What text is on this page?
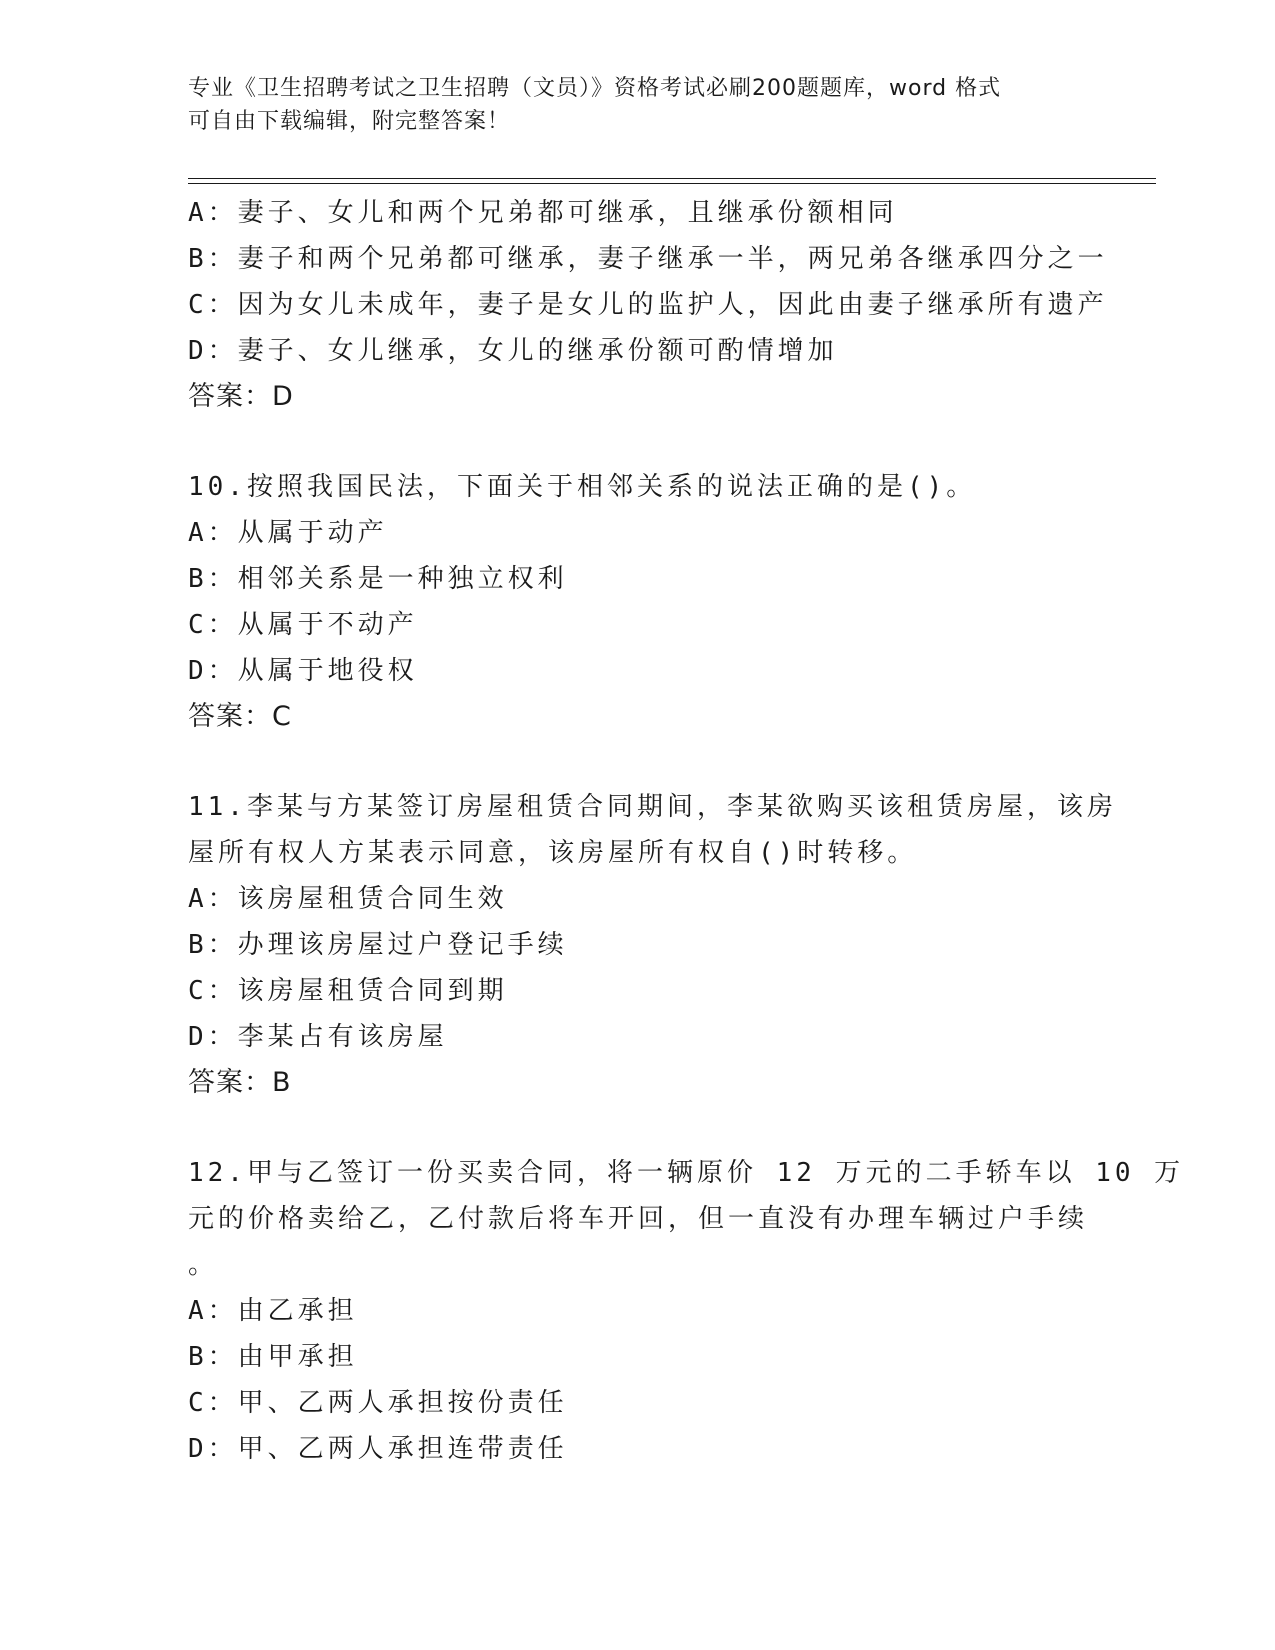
专业《卫生招聘考试之卫生招聘（文员）》资格考试必刷200题题库，word 格式

可自由下载编辑，附完整答案！

A：妻子、女儿和两个兄弟都可继承，且继承份额相同
B：妻子和两个兄弟都可继承，妻子继承一半，两兄弟各继承四分之一
C：因为女儿未成年，妻子是女儿的监护人，因此由妻子继承所有遗产
D：妻子、女儿继承，女儿的继承份额可酌情增加
答案：D
10.按照我国民法，下面关于相邻关系的说法正确的是()。
A：从属于动产
B：相邻关系是一种独立权利
C：从属于不动产
D：从属于地役权
答案：C
11.李某与方某签订房屋租赁合同期间，李某欲购买该租赁房屋，该房
屋所有权人方某表示同意，该房屋所有权自()时转移。
A：该房屋租赁合同生效
B：办理该房屋过户登记手续
C：该房屋租赁合同到期
D：李某占有该房屋
答案：B
12.甲与乙签订一份买卖合同，将一辆原价 12 万元的二手轿车以 10 万
元的价格卖给乙，乙付款后将车开回，但一直没有办理车辆过户手续
。
A：由乙承担
B：由甲承担
C：甲、乙两人承担按份责任
D：甲、乙两人承担连带责任
